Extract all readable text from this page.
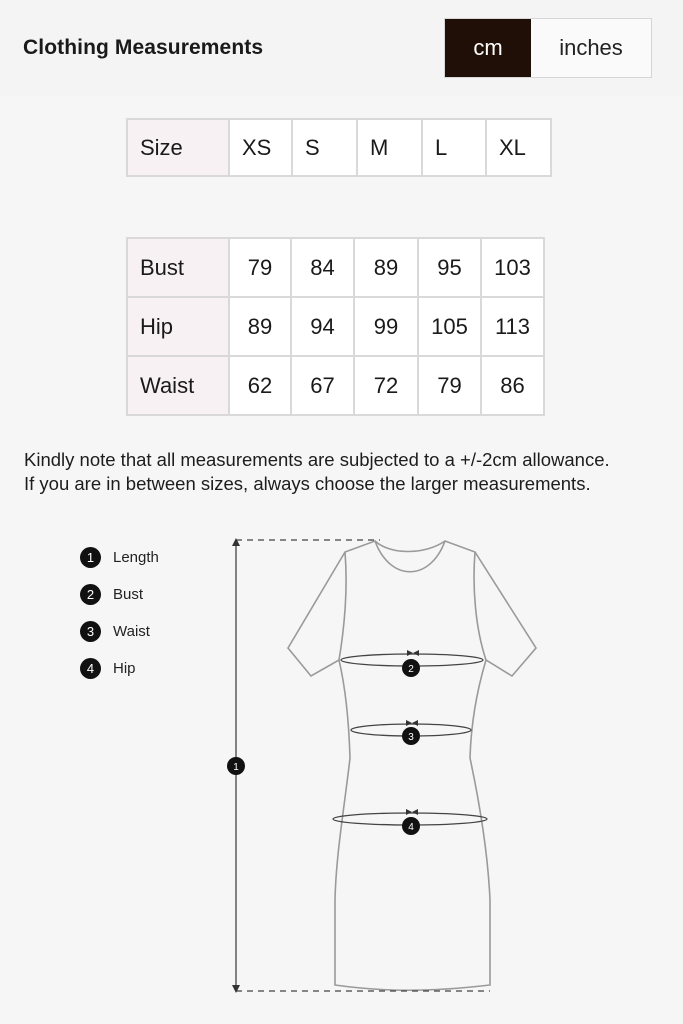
Clothing Measurements	cm	inches
Size	XS	S	M	L	XL
Bust	79	84	89	95	103
Hip	89	94	99	105	113
Waist	62	67	72	79	86
Kindly note that all measurements are subjected to a +/-2cm allowance.
If you are in between sizes, always choose the larger measurements.
1	Length
2	Bust
3	Waist
4	Hip
1
2
3
4
